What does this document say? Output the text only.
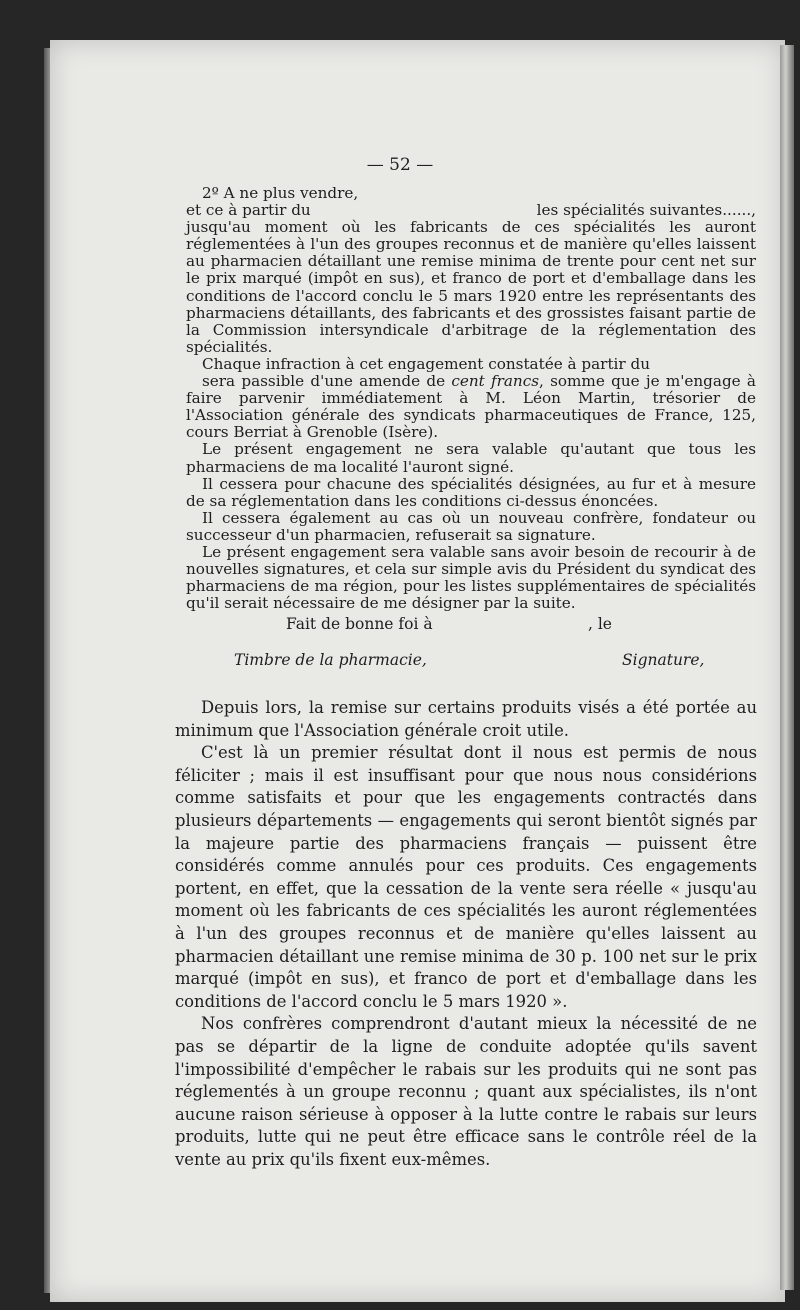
— 52 —

2º A ne plus vendre,

et ce à partir du	les spécialités suivantes......,

jusqu'au moment où les fabricants de ces spécialités les auront réglementées à l'un des groupes reconnus et de manière qu'elles laissent au pharmacien détaillant une remise minima de trente pour cent net sur le prix marqué (impôt en sus), et franco de port et d'emballage dans les conditions de l'accord conclu le 5 mars 1920 entre les représentants des pharmaciens détaillants, des fabricants et des grossistes faisant partie de la Commission intersyndicale d'arbitrage de la réglementation des spécialités.

Chaque infraction à cet engagement constatée à partir du

sera passible d'une amende de cent francs, somme que je m'engage à faire parvenir immédiatement à M. Léon Martin, trésorier de l'Association générale des syndicats pharmaceutiques de France, 125, cours Berriat à Grenoble (Isère).

Le présent engagement ne sera valable qu'autant que tous les pharmaciens de ma localité l'auront signé.

Il cessera pour chacune des spécialités désignées, au fur et à mesure de sa réglementation dans les conditions ci-dessus énoncées.

Il cessera également au cas où un nouveau confrère, fondateur ou successeur d'un pharmacien, refuserait sa signature.

Le présent engagement sera valable sans avoir besoin de recourir à de nouvelles signatures, et cela sur simple avis du Président du syndicat des pharmaciens de ma région, pour les listes supplémentaires de spécialités qu'il serait nécessaire de me désigner par la suite.

Fait de bonne foi à	, le
Timbre de la pharmacie,	Signature,

Depuis lors, la remise sur certains produits visés a été portée au minimum que l'Association générale croit utile.

C'est là un premier résultat dont il nous est permis de nous féliciter ; mais il est insuffisant pour que nous nous considérions comme satisfaits et pour que les engagements contractés dans plusieurs départements — engagements qui seront bientôt signés par la majeure partie des pharmaciens français — puissent être considérés comme annulés pour ces produits. Ces engagements portent, en effet, que la cessation de la vente sera réelle « jusqu'au moment où les fabricants de ces spécialités les auront réglementées à l'un des groupes reconnus et de manière qu'elles laissent au pharmacien détaillant une remise minima de 30 p. 100 net sur le prix marqué (impôt en sus), et franco de port et d'emballage dans les conditions de l'accord conclu le 5 mars 1920 ».

Nos confrères comprendront d'autant mieux la nécessité de ne pas se départir de la ligne de conduite adoptée qu'ils savent l'impossibilité d'empêcher le rabais sur les produits qui ne sont pas réglementés à un groupe reconnu ; quant aux spécialistes, ils n'ont aucune raison sérieuse à opposer à la lutte contre le rabais sur leurs produits, lutte qui ne peut être efficace sans le contrôle réel de la vente au prix qu'ils fixent eux-mêmes.
